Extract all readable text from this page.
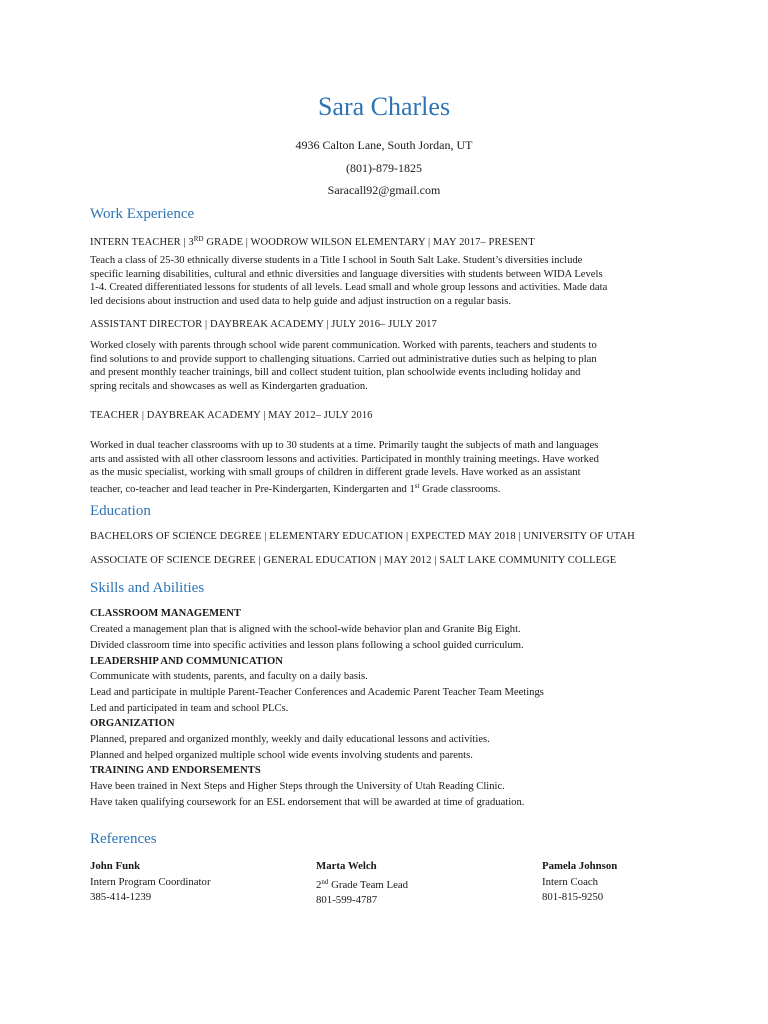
Sara Charles
4936 Calton Lane, South Jordan, UT
(801)-879-1825
Saracall92@gmail.com
Work Experience
INTERN TEACHER | 3RD GRADE | WOODROW WILSON ELEMENTARY | MAY 2017– PRESENT
Teach a class of 25-30 ethnically diverse students in a Title I school in South Salt Lake. Student’s diversities include
specific learning disabilities, cultural and ethnic diversities and language diversities with students between WIDA Levels
1-4. Created differentiated lessons for students of all levels. Lead small and whole group lessons and activities. Made data
led decisions about instruction and used data to help guide and adjust instruction on a regular basis.
ASSISTANT DIRECTOR | DAYBREAK ACADEMY | JULY 2016– JULY 2017
Worked closely with parents through school wide parent communication. Worked with parents, teachers and students to
find solutions to and provide support to challenging situations. Carried out administrative duties such as helping to plan
and present monthly teacher trainings, bill and collect student tuition, plan schoolwide events including holiday and
spring recitals and showcases as well as Kindergarten graduation.
TEACHER | DAYBREAK ACADEMY | MAY 2012– JULY 2016
Worked in dual teacher classrooms with up to 30 students at a time. Primarily taught the subjects of math and languages
arts and assisted with all other classroom lessons and activities. Participated in monthly training meetings. Have worked
as the music specialist, working with small groups of children in different grade levels. Have worked as an assistant
teacher, co-teacher and lead teacher in Pre-Kindergarten, Kindergarten and 1st Grade classrooms.
Education
BACHELORS OF SCIENCE DEGREE | ELEMENTARY EDUCATION | EXPECTED MAY 2018 | UNIVERSITY OF UTAH
ASSOCIATE OF SCIENCE DEGREE | GENERAL EDUCATION | MAY 2012 | SALT LAKE COMMUNITY COLLEGE
Skills and Abilities
CLASSROOM MANAGEMENT
Created a management plan that is aligned with the school-wide behavior plan and Granite Big Eight.
Divided classroom time into specific activities and lesson plans following a school guided curriculum.
LEADERSHIP AND COMMUNICATION
Communicate with students, parents, and faculty on a daily basis.
Lead and participate in multiple Parent-Teacher Conferences and Academic Parent Teacher Team Meetings
Led and participated in team and school PLCs.
ORGANIZATION
Planned, prepared and organized monthly, weekly and daily educational lessons and activities.
Planned and helped organized multiple school wide events involving students and parents.
TRAINING AND ENDORSEMENTS
Have been trained in Next Steps and Higher Steps through the University of Utah Reading Clinic.
Have taken qualifying coursework for an ESL endorsement that will be awarded at time of graduation.
References
John Funk
Intern Program Coordinator
385-414-1239
Marta Welch
2nd Grade Team Lead
801-599-4787
Pamela Johnson
Intern Coach
801-815-9250
